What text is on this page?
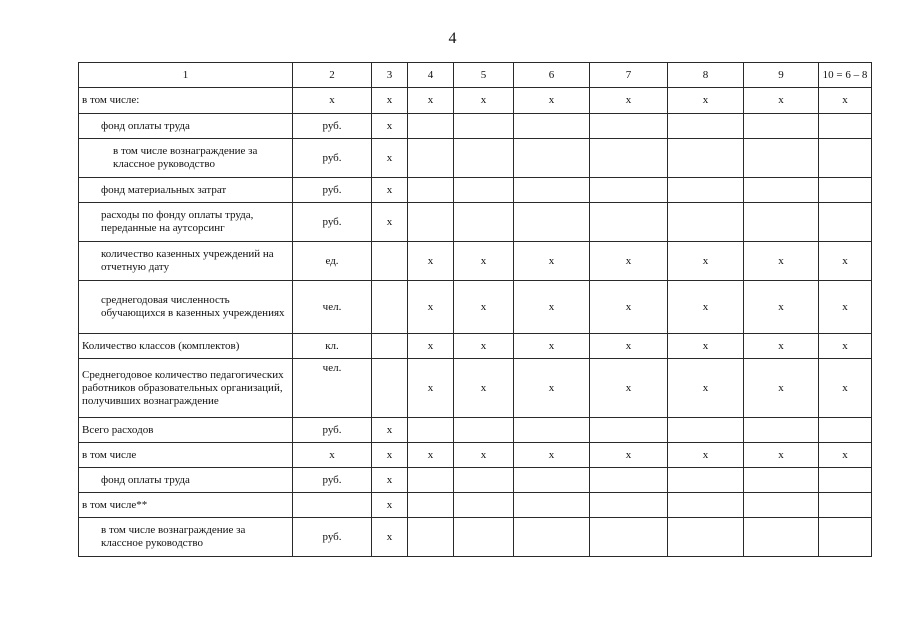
4
1	2	3	4	5	6	7	8	9	10 = 6 – 8
в том числе:	х	х	х	х	х	х	х	х	х
фонд оплаты труда	руб.	х							
в том числе вознаграждение за классное руководство	руб.	х							
фонд материальных затрат	руб.	х							
расходы по фонду оплаты труда, переданные на аутсорсинг	руб.	х							
количество казенных учреждений на отчетную дату	ед.		х	х	х	х	х	х	х
среднегодовая численность обучающихся в казенных учреждениях	чел.		х	х	х	х	х	х	х
Количество классов (комплектов)	кл.		х	х	х	х	х	х	х
Среднегодовое количество педагогических работников образовательных организаций, получивших вознаграждение	чел.		х	х	х	х	х	х	х
Всего расходов	руб.	х							
в том числе	х	х	х	х	х	х	х	х	х
фонд оплаты труда	руб.	х							
в том числе**		х							
в том числе вознаграждение за классное руководство	руб.	х							
